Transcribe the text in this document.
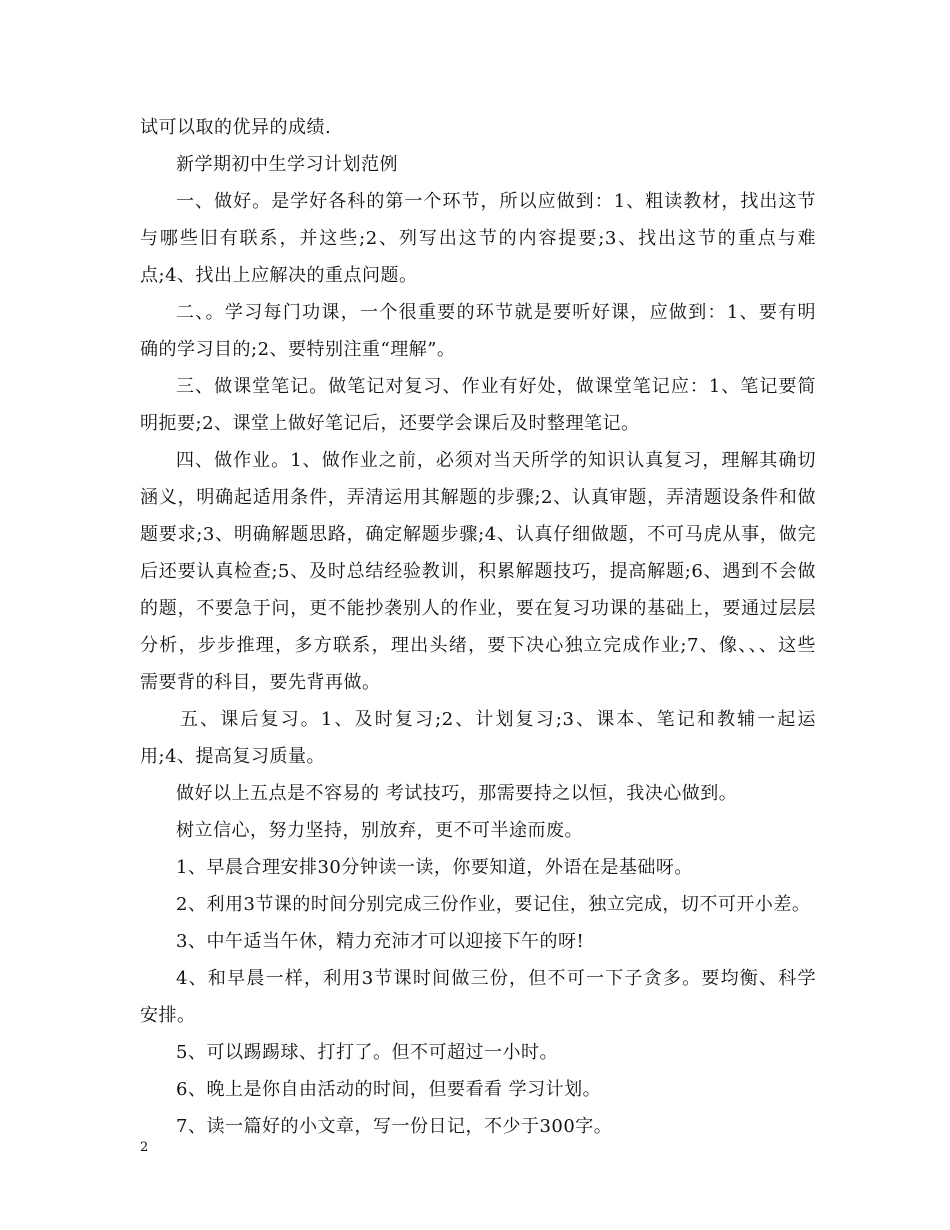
试可以取的优异的成绩.
新学期初中生学习计划范例
一、做好。是学好各科的第一个环节，所以应做到：1、粗读教材，找出这节
与哪些旧有联系，并这些;2、列写出这节的内容提要;3、找出这节的重点与难
点;4、找出上应解决的重点问题。
二、。学习每门功课，一个很重要的环节就是要听好课，应做到：1、要有明
确的学习目的;2、要特别注重“理解”。
三、做课堂笔记。做笔记对复习、作业有好处，做课堂笔记应：1、笔记要简
明扼要;2、课堂上做好笔记后，还要学会课后及时整理笔记。
四、做作业。1、做作业之前，必须对当天所学的知识认真复习，理解其确切
涵义，明确起适用条件，弄清运用其解题的步骤;2、认真审题，弄清题设条件和做
题要求;3、明确解题思路，确定解题步骤;4、认真仔细做题，不可马虎从事，做完
后还要认真检查;5、及时总结经验教训，积累解题技巧，提高解题;6、遇到不会做
的题，不要急于问，更不能抄袭别人的作业，要在复习功课的基础上，要通过层层
分析，步步推理，多方联系，理出头绪，要下决心独立完成作业;7、像、、、这些
需要背的科目，要先背再做。
五、课后复习。1、及时复习;2、计划复习;3、课本、笔记和教辅一起运
用;4、提高复习质量。
做好以上五点是不容易的 考试技巧，那需要持之以恒，我决心做到。
树立信心，努力坚持，别放弃，更不可半途而废。
1、早晨合理安排30分钟读一读，你要知道，外语在是基础呀。
2、利用3节课的时间分别完成三份作业，要记住，独立完成，切不可开小差。
3、中午适当午休，精力充沛才可以迎接下午的呀!
4、和早晨一样，利用3节课时间做三份，但不可一下子贪多。要均衡、科学
安排。
5、可以踢踢球、打打了。但不可超过一小时。
6、晚上是你自由活动的时间，但要看看 学习计划。
7、读一篇好的小文章，写一份日记，不少于300字。
2
